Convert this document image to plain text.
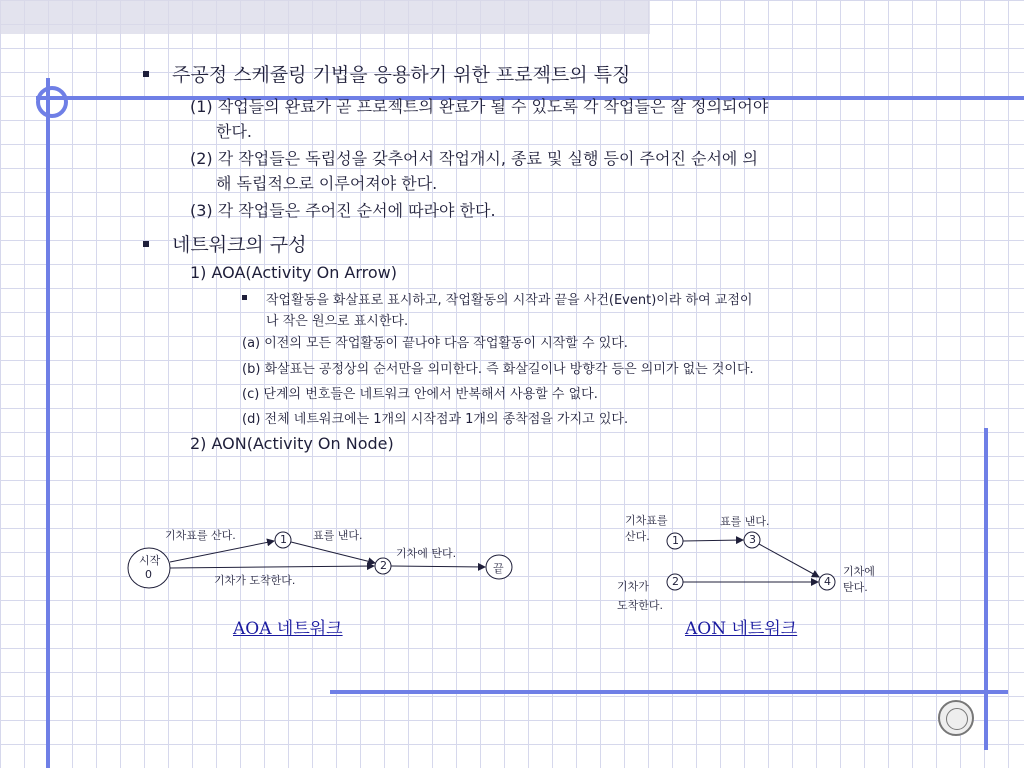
주공정 스케쥴링 기법을 응용하기 위한 프로젝트의 특징
(1) 작업들의 완료가 곧 프로젝트의 완료가 될 수 있도록 각 작업들은 잘 정의되어야
한다.
(2) 각 작업들은 독립성을 갖추어서 작업개시, 종료 및 실행 등이 주어진 순서에 의
해 독립적으로 이루어져야 한다.
(3) 각 작업들은 주어진 순서에 따라야 한다.
네트워크의 구성
1) AOA(Activity On Arrow)
작업활동을 화살표로 표시하고, 작업활동의 시작과 끝을 사건(Event)이라 하여 교점이
나 작은 원으로 표시한다.
(a) 이전의 모든 작업활동이 끝나야 다음 작업활동이 시작할 수 있다.
(b) 화살표는 공정상의 순서만을 의미한다. 즉 화살길이나 방향각 등은 의미가 없는 것이다.
(c) 단계의 번호들은 네트워크 안에서 반복해서 사용할 수 없다.
(d) 전체 네트워크에는 1개의 시작점과 1개의 종착점을 가지고 있다.
2) AON(Activity On Node)
시작
0
1
2	끝
기차표를 산다.	표를 낸다.
기차에 탄다.
기차가 도착한다.
AOA 네트워크
1	3
2	4
기차표를
산다.
표를 낸다.
기차가
도착한다.
기차에
탄다.
AON 네트워크
